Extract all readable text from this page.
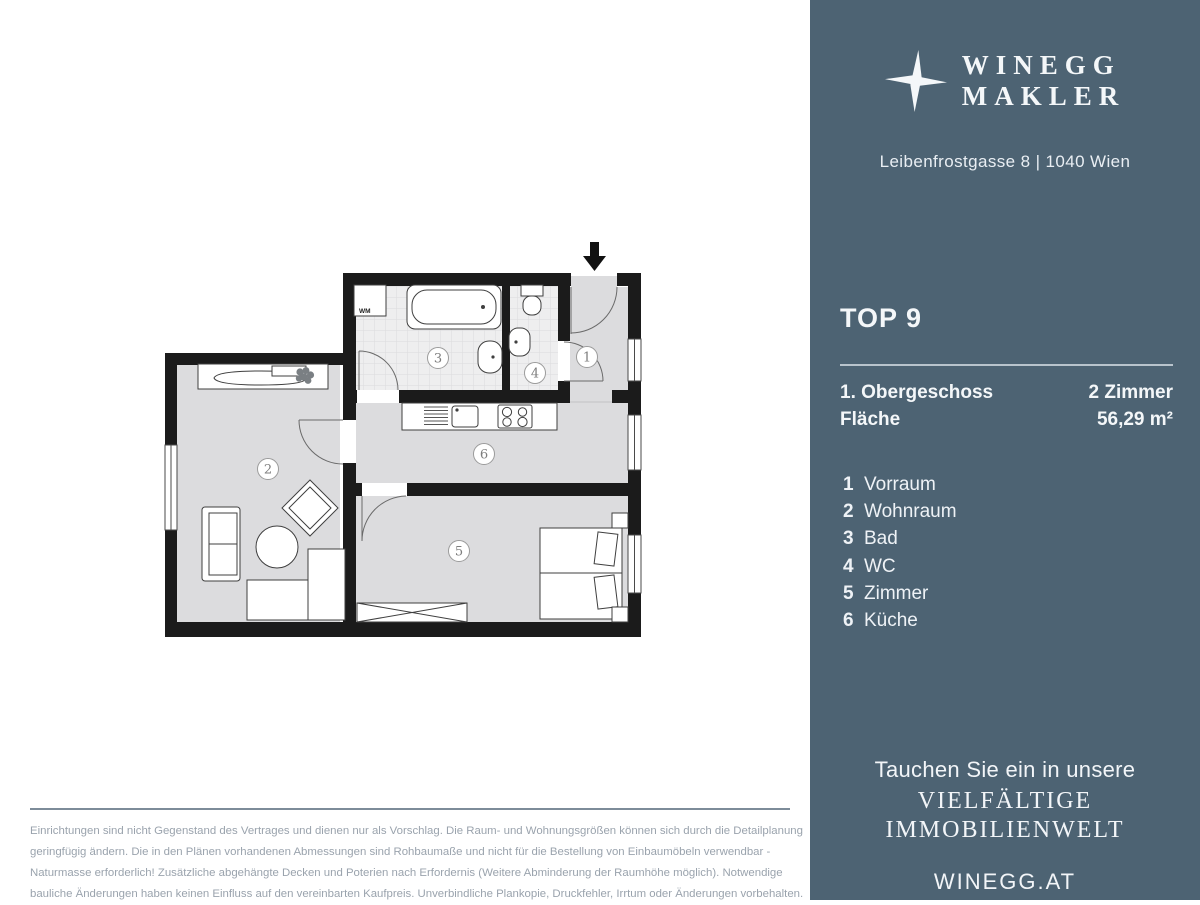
WM
1
2
3
4
5
6
Einrichtungen sind nicht Gegenstand des Vertrages und dienen nur als Vorschlag. Die Raum- und Wohnungsgrößen können sich durch die Detailplanung
geringfügig ändern. Die in den Plänen vorhandenen Abmessungen sind Rohbaumaße und nicht für die Bestellung von Einbaumöbeln verwendbar -
Naturmasse erforderlich! Zusätzliche abgehängte Decken und Poterien nach Erfordernis (Weitere Abminderung der Raumhöhe möglich). Notwendige
bauliche Änderungen haben keinen Einfluss auf den vereinbarten Kaufpreis. Unverbindliche Plankopie, Druckfehler, Irrtum oder Änderungen vorbehalten.
WINEGG
MAKLER
Leibenfrostgasse 8 | 1040 Wien
TOP 9
1. Obergeschoss	2 Zimmer
Fläche	56,29 m²
1 Vorraum
2 Wohnraum
3 Bad
4 WC
5 Zimmer
6 Küche
Tauchen Sie ein in unsere
VIELFÄLTIGE
IMMOBILIENWELT
WINEGG.AT
